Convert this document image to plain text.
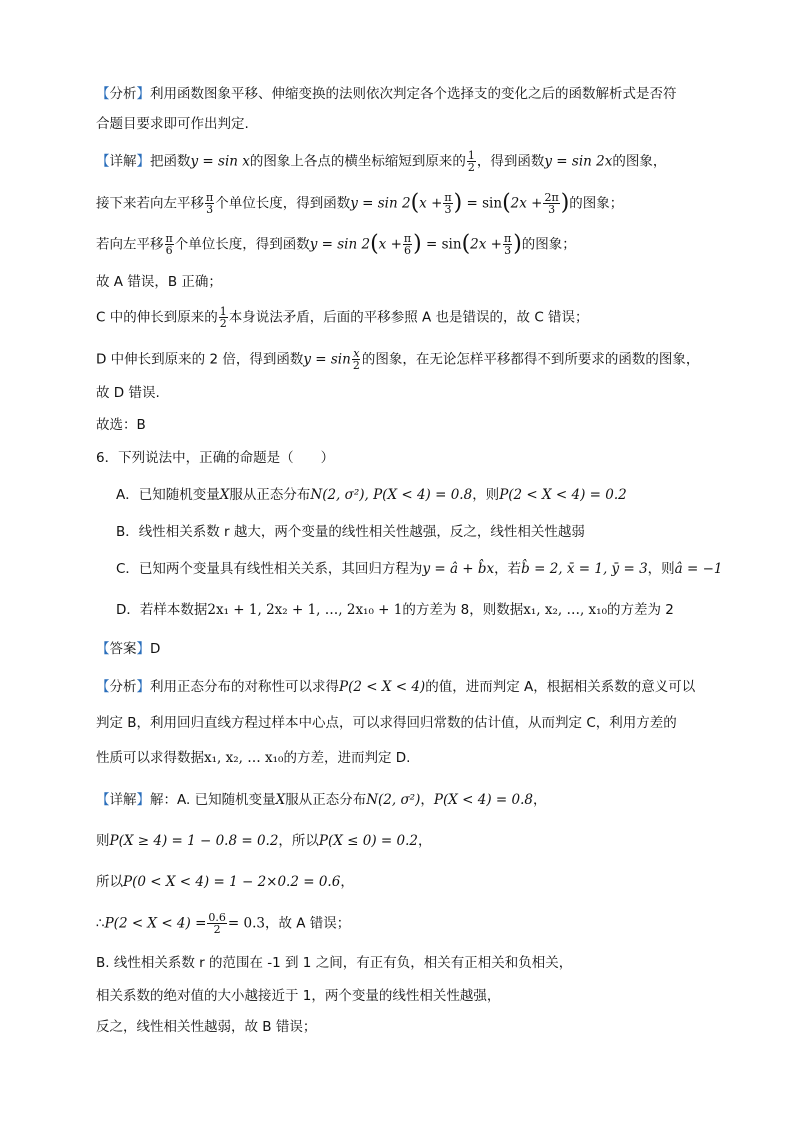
【分析】利用函数图象平移、伸缩变换的法则依次判定各个选择支的变化之后的函数解析式是否符
合题目要求即可作出判定.
【详解】把函数y = sin x的图象上各点的横坐标缩短到原来的 $\frac{1}{2}$ ，得到函数y = sin 2x的图象，
接下来若向左平移 $\frac{\pi}{3}$ 个单位长度，得到函数$y = \sin 2(x + \frac{\pi}{3}$ ) = $\sin(2x + \frac{2\pi}{3}$ )的图象；
若向左平移 $\frac{\pi}{6}$ 个单位长度，得到函数$y = \sin 2(x + \frac{\pi}{6}$ ) = $\sin(2x + \frac{\pi}{3}$ )的图象；
故 A 错误，B 正确；
C 中的伸长到原来的 $\frac{1}{2}$ 本身说法矛盾，后面的平移参照 A 也是错误的，故 C 错误；
D 中伸长到原来的 2 倍，得到函数$y = \sin \frac{x}{2}$ 的图象，在无论怎样平移都得不到所要求的函数的图象，
故 D 错误.
故选：B
6．下列说法中，正确的命题是（　　）
A．已知随机变量X服从正态分布N(2, σ²), P(X < 4) = 0.8，则P(2 < X < 4) = 0.2
B．线性相关系数 r 越大，两个变量的线性相关性越强，反之，线性相关性越弱
C．已知两个变量具有线性相关关系，其回归方程为y = â + b̂x，若b̂ = 2, x̄ = 1, ȳ = 3，则â = −1
D．若样本数据2x₁ + 1, 2x₂ + 1, …, 2x₁₀ + 1的方差为 8，则数据x₁, x₂, …, x₁₀的方差为 2
【答案】D
【分析】利用正态分布的对称性可以求得P(2 < X < 4)的值，进而判定 A，根据相关系数的意义可以
判定 B，利用回归直线方程过样本中心点，可以求得回归常数的估计值，从而判定 C，利用方差的
性质可以求得数据x₁, x₂, … x₁₀的方差，进而判定 D.
【详解】解：A. 已知随机变量X服从正态分布N(2, σ²)，P(X < 4) = 0.8，
则P(X ≥ 4) = 1 − 0.8 = 0.2，所以P(X ≤ 0) = 0.2，
所以P(0 < X < 4) = 1 − 2×0.2 = 0.6，
∴P(2 < $X < 4) = \frac{0.6}{2} = 0.3$，故 A 错误；
B. 线性相关系数 r 的范围在 -1 到 1 之间，有正有负，相关有正相关和负相关，
相关系数的绝对值的大小越接近于 1，两个变量的线性相关性越强，
反之，线性相关性越弱，故 B 错误；
